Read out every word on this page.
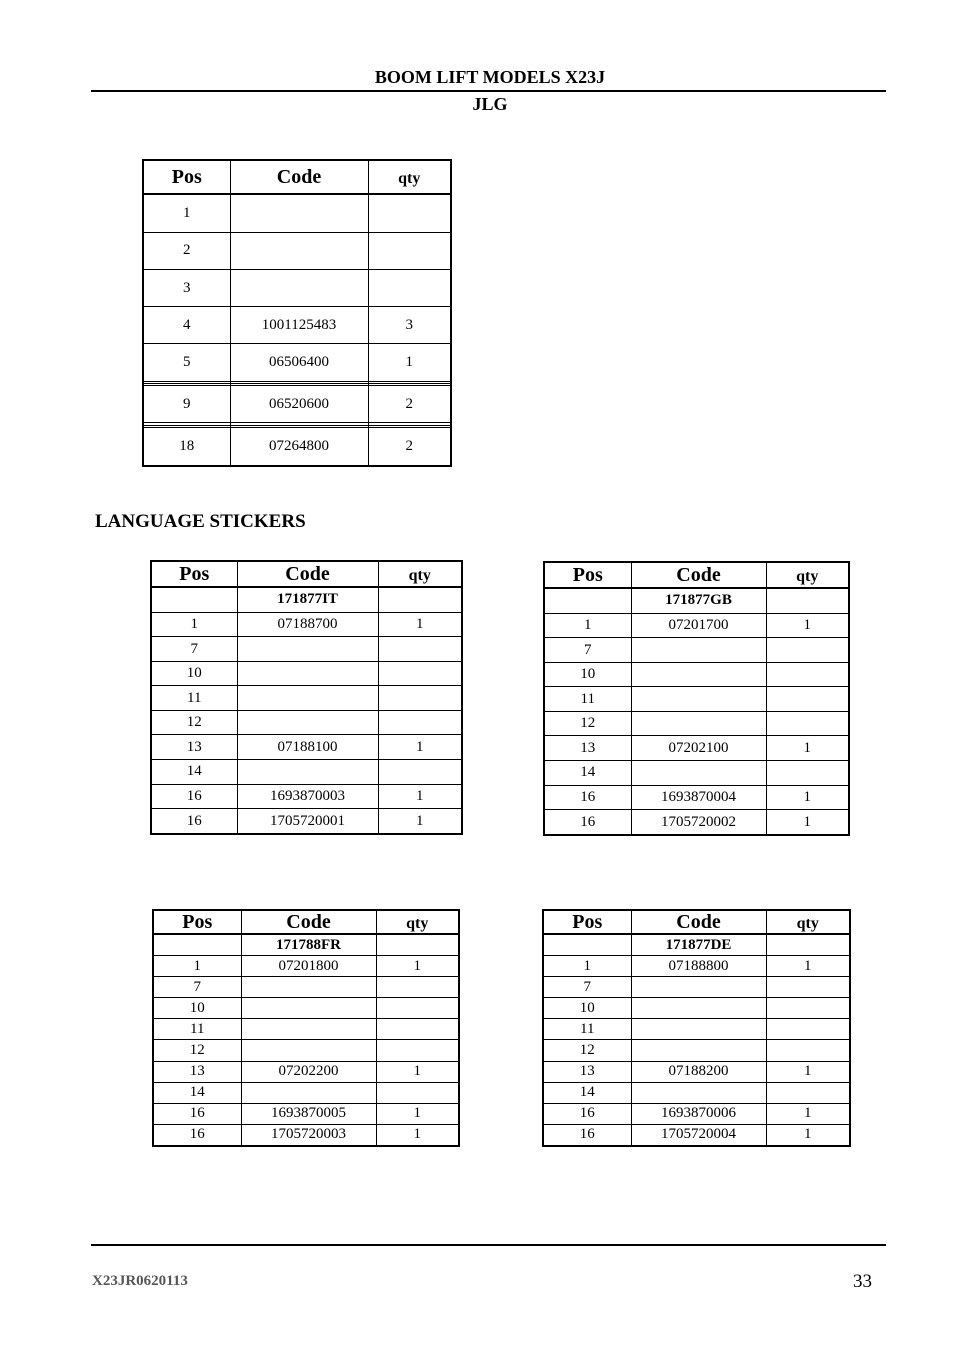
BOOM LIFT MODELS X23J
JLG
Pos	Code	qty
1		
2		
3		
4	1001125483	3
5	06506400	1

9	06520600	2

18	07264800	2
LANGUAGE STICKERS
Pos	Code	qty
	171877IT	
1	07188700	1
7		
10		
11		
12		
13	07188100	1
14		
16	1693870003	1
16	1705720001	1
Pos	Code	qty
	171877GB	
1	07201700	1
7		
10		
11		
12		
13	07202100	1
14		
16	1693870004	1
16	1705720002	1
Pos	Code	qty
	171788FR	
1	07201800	1
7		
10		
11		
12		
13	07202200	1
14		
16	1693870005	1
16	1705720003	1
Pos	Code	qty
	171877DE	
1	07188800	1
7		
10		
11		
12		
13	07188200	1
14		
16	1693870006	1
16	1705720004	1
X23JR0620113	33
